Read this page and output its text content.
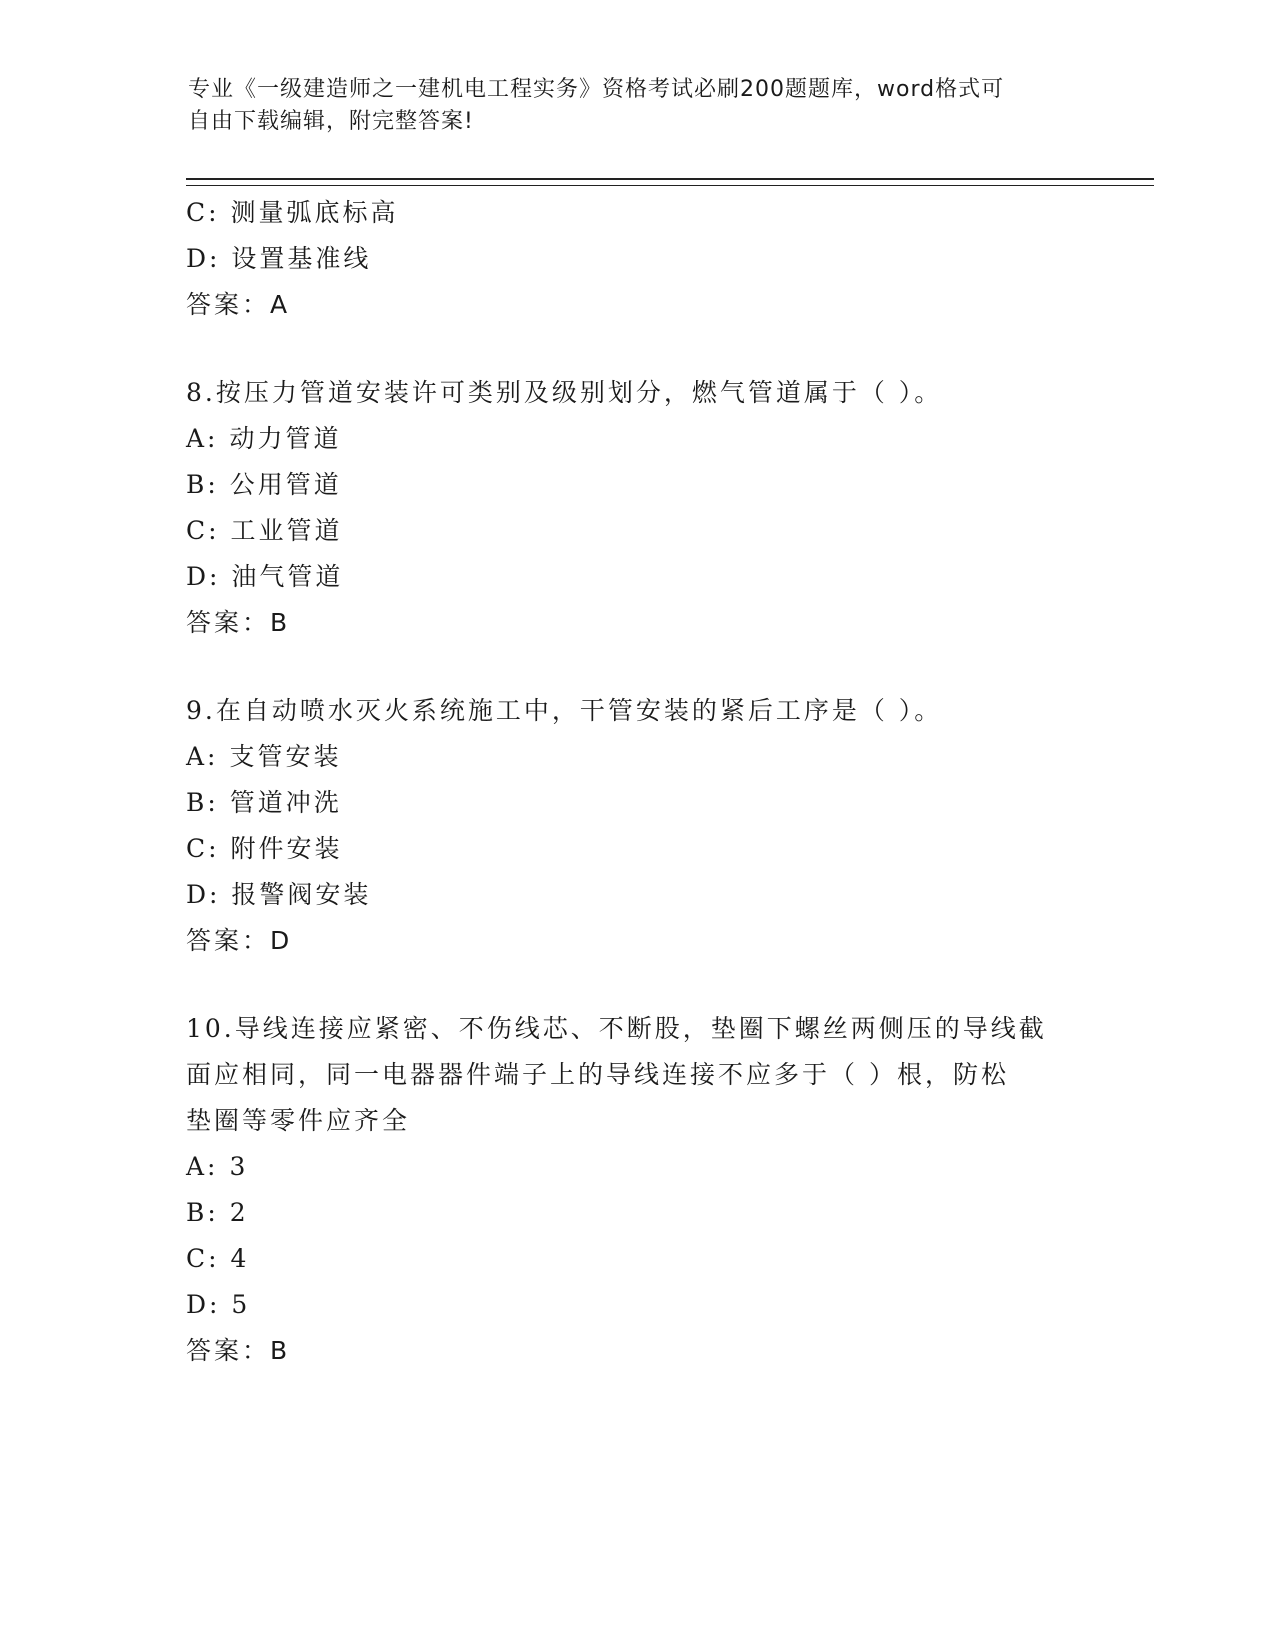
专业《一级建造师之一建机电工程实务》资格考试必刷200题题库，word格式可
自由下载编辑，附完整答案!
C: 测量弧底标高
D: 设置基准线
答案：A
8.按压力管道安装许可类别及级别划分，燃气管道属于（ ）。
A: 动力管道
B: 公用管道
C: 工业管道
D: 油气管道
答案：B
9.在自动喷水灭火系统施工中，干管安装的紧后工序是（ ）。
A: 支管安装
B: 管道冲洗
C: 附件安装
D: 报警阀安装
答案：D
10.导线连接应紧密、不伤线芯、不断股，垫圈下螺丝两侧压的导线截
面应相同，同一电器器件端子上的导线连接不应多于（ ）根，防松
垫圈等零件应齐全
A: 3
B: 2
C: 4
D: 5
答案：B
